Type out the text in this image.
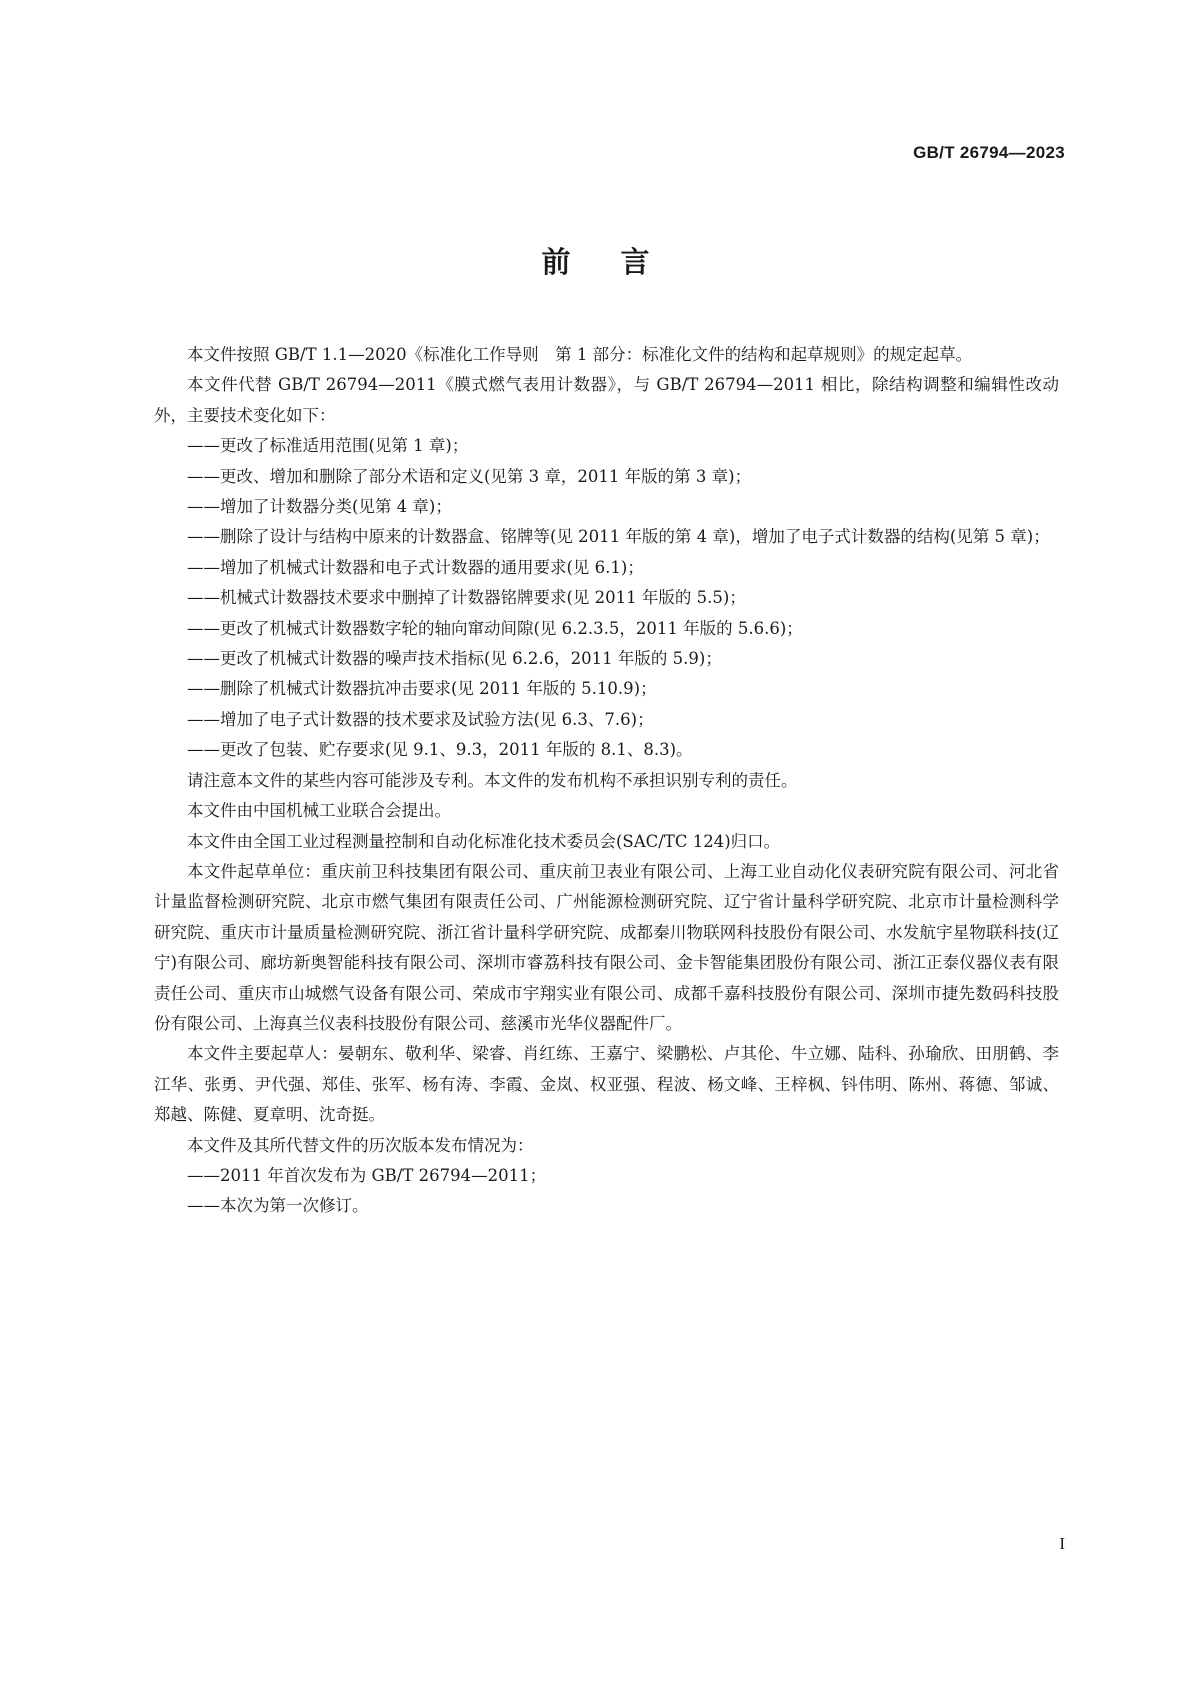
GB/T 26794—2023
前言

本文件按照 GB/T 1.1—2020《标准化工作导则　第 1 部分：标准化文件的结构和起草规则》的规定起草。

本文件代替 GB/T 26794—2011《膜式燃气表用计数器》，与 GB/T 26794—2011 相比，除结构调整和编辑性改动外，主要技术变化如下：

——更改了标准适用范围(见第 1 章)；

——更改、增加和删除了部分术语和定义(见第 3 章，2011 年版的第 3 章)；

——增加了计数器分类(见第 4 章)；

——删除了设计与结构中原来的计数器盒、铭牌等(见 2011 年版的第 4 章)，增加了电子式计数器的结构(见第 5 章)；

——增加了机械式计数器和电子式计数器的通用要求(见 6.1)；

——机械式计数器技术要求中删掉了计数器铭牌要求(见 2011 年版的 5.5)；

——更改了机械式计数器数字轮的轴向窜动间隙(见 6.2.3.5，2011 年版的 5.6.6)；

——更改了机械式计数器的噪声技术指标(见 6.2.6，2011 年版的 5.9)；

——删除了机械式计数器抗冲击要求(见 2011 年版的 5.10.9)；

——增加了电子式计数器的技术要求及试验方法(见 6.3、7.6)；

——更改了包装、贮存要求(见 9.1、9.3，2011 年版的 8.1、8.3)。

请注意本文件的某些内容可能涉及专利。本文件的发布机构不承担识别专利的责任。

本文件由中国机械工业联合会提出。

本文件由全国工业过程测量控制和自动化标准化技术委员会(SAC/TC 124)归口。

本文件起草单位：重庆前卫科技集团有限公司、重庆前卫表业有限公司、上海工业自动化仪表研究院有限公司、河北省计量监督检测研究院、北京市燃气集团有限责任公司、广州能源检测研究院、辽宁省计量科学研究院、北京市计量检测科学研究院、重庆市计量质量检测研究院、浙江省计量科学研究院、成都秦川物联网科技股份有限公司、水发航宇星物联科技(辽宁)有限公司、廊坊新奥智能科技有限公司、深圳市睿荔科技有限公司、金卡智能集团股份有限公司、浙江正泰仪器仪表有限责任公司、重庆市山城燃气设备有限公司、荣成市宇翔实业有限公司、成都千嘉科技股份有限公司、深圳市捷先数码科技股份有限公司、上海真兰仪表科技股份有限公司、慈溪市光华仪器配件厂。

本文件主要起草人：晏朝东、敬利华、梁睿、肖红练、王嘉宁、梁鹏松、卢其伦、牛立娜、陆科、孙瑜欣、田朋鹤、李江华、张勇、尹代强、郑佳、张军、杨有涛、李霞、金岚、权亚强、程波、杨文峰、王梓枫、钭伟明、陈州、蒋德、邹诚、郑越、陈健、夏章明、沈奇挺。

本文件及其所代替文件的历次版本发布情况为：

——2011 年首次发布为 GB/T 26794—2011；

——本次为第一次修订。

I
